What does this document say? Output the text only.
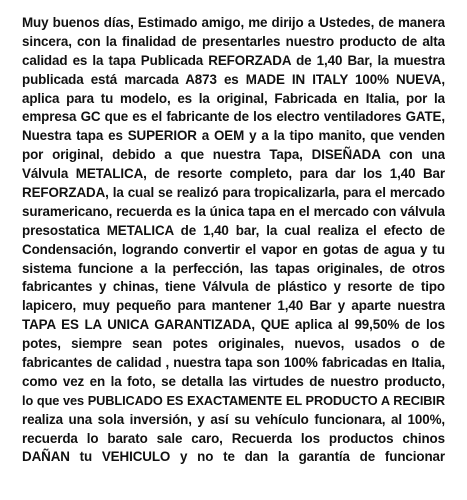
Muy buenos días, Estimado amigo, me dirijo a Ustedes, de manera
sincera, con la finalidad de presentarles nuestro producto de alta
calidad es la tapa Publicada REFORZADA de 1,40 Bar, la muestra
publicada está marcada A873 es MADE IN ITALY 100% NUEVA,
aplica para tu modelo, es la original, Fabricada en Italia, por la
empresa GC que es el fabricante de los electro ventiladores GATE,
Nuestra tapa es SUPERIOR a OEM y a la tipo manito, que venden
por original, debido a que nuestra Tapa, DISEÑADA con una
Válvula METALICA, de resorte completo, para dar los 1,40 Bar
REFORZADA, la cual se realizó para tropicalizarla, para el mercado
suramericano, recuerda es la única tapa en el mercado con válvula
presostatica METALICA de 1,40 bar, la cual realiza el efecto de
Condensación, logrando convertir el vapor en gotas de agua y tu
sistema funcione a la perfección, las tapas originales, de otros
fabricantes y chinas, tiene Válvula de plástico y resorte de tipo
lapicero, muy pequeño para mantener 1,40 Bar y aparte nuestra
TAPA ES LA UNICA GARANTIZADA, QUE aplica al 99,50% de los
potes, siempre sean potes originales, nuevos, usados o de
fabricantes de calidad , nuestra tapa son 100% fabricadas en Italia,
como vez en la foto, se detalla las virtudes de nuestro producto,
lo que ves PUBLICADO ES EXACTAMENTE EL PRODUCTO A RECIBIR
realiza una sola inversión, y así su vehículo funcionara, al 100%,
recuerda lo barato sale caro, Recuerda los productos chinos
DAÑAN tu VEHICULO y no te dan la garantía de funcionar
